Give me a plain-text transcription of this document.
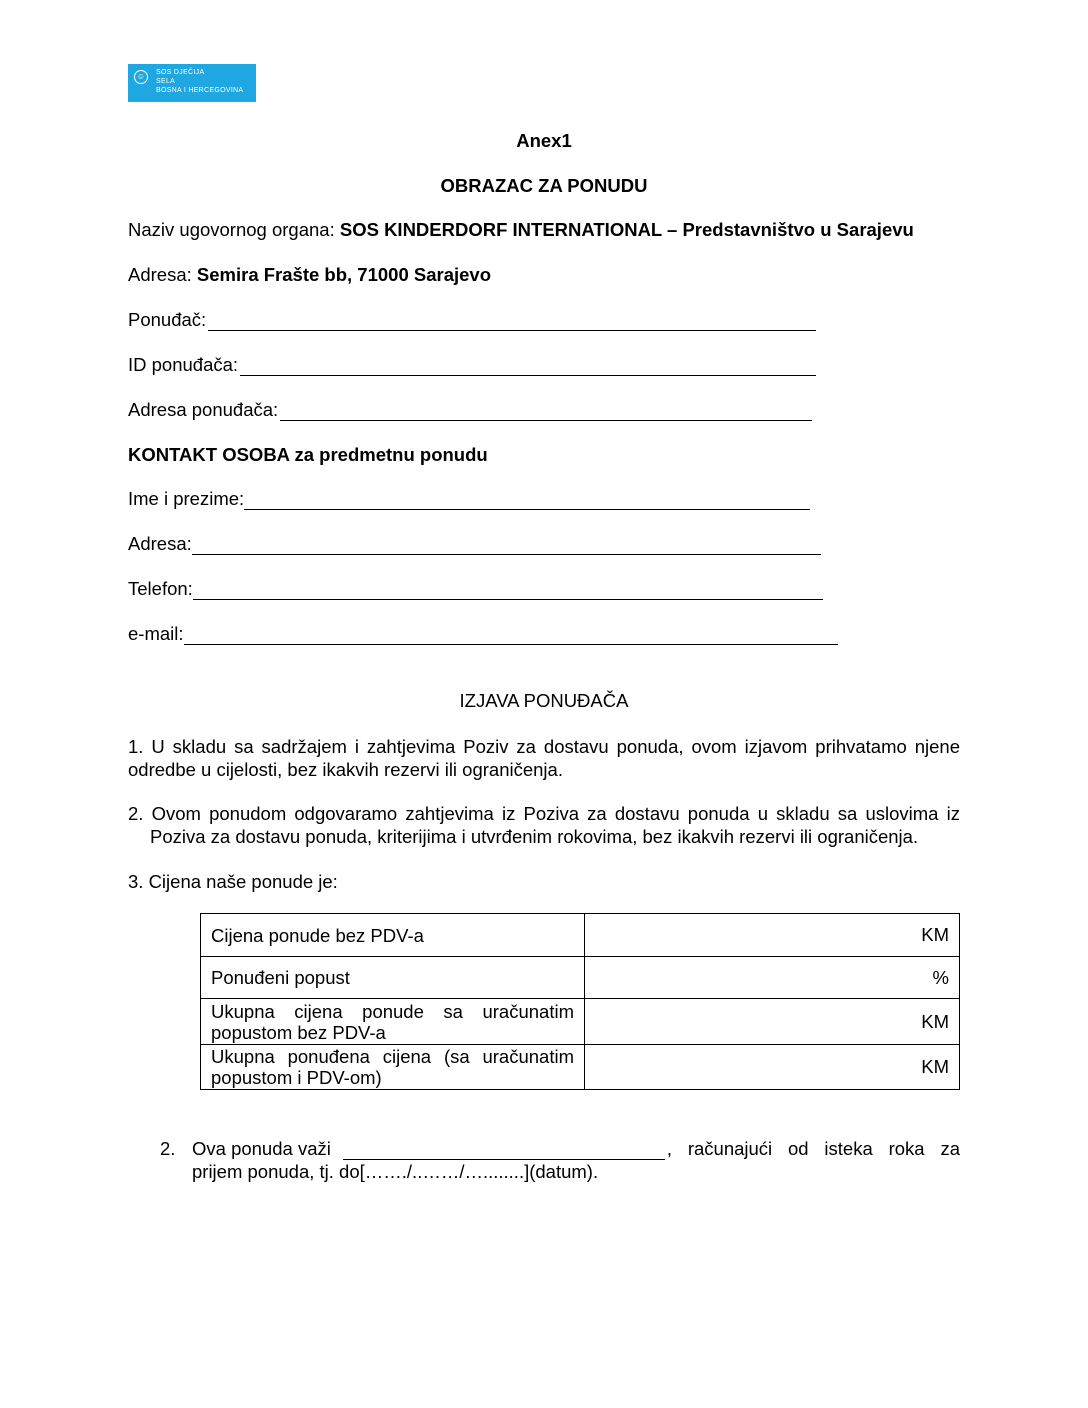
☺	SOS DJEČIJA
SELA
BOSNA I HERCEGOVINA
Anex1
OBRAZAC ZA PONUDU
Naziv ugovornog organa: SOS KINDERDORF INTERNATIONAL – Predstavništvo u Sarajevu
Adresa: Semira Frašte bb, 71000 Sarajevo
Ponuđač:
ID ponuđača:
Adresa ponuđača:
KONTAKT OSOBA za predmetnu ponudu
Ime i prezime:
Adresa:
Telefon:
e-mail:
IZJAVA PONUĐAČA
1. U skladu sa sadržajem i zahtjevima Poziv za dostavu ponuda, ovom izjavom prihvatamo njene odredbe u cijelosti, bez ikakvih rezervi ili ograničenja.
2. Ovom ponudom odgovaramo zahtjevima iz Poziva za dostavu ponuda u skladu sa uslovima iz
Poziva za dostavu ponuda, kriterijima i utvrđenim rokovima, bez ikakvih rezervi ili ograničenja.
3. Cijena naše ponude je:
Cijena ponude bez PDV-a	KM
Ponuđeni popust	%
Ukupna cijena ponude sa uračunatim popustom bez PDV-a	KM
Ukupna ponuđena cijena (sa uračunatim popustom i PDV-om)	KM
2. Ova ponuda važi	, računajući od isteka roka za
prijem ponuda, tj. do[……./..……/…........](datum).
